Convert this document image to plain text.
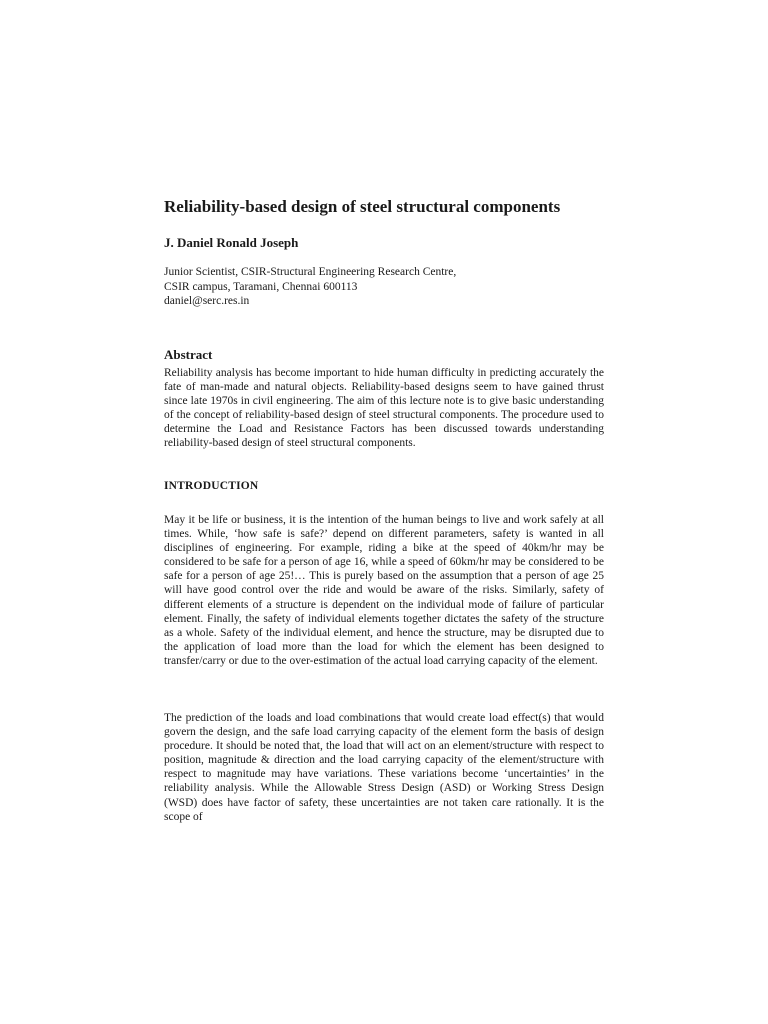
Reliability-based design of steel structural components

J. Daniel Ronald Joseph

Junior Scientist, CSIR-Structural Engineering Research Centre,
CSIR campus, Taramani, Chennai 600113
daniel@serc.res.in
Abstract

Reliability analysis has become important to hide human difficulty in predicting accurately the fate of man-made and natural objects. Reliability-based designs seem to have gained thrust since late 1970s in civil engineering. The aim of this lecture note is to give basic understanding of the concept of reliability-based design of steel structural components. The procedure used to determine the Load and Resistance Factors has been discussed towards understanding reliability-based design of steel structural components.

INTRODUCTION

May it be life or business, it is the intention of the human beings to live and work safely at all times. While, ‘how safe is safe?’ depend on different parameters, safety is wanted in all disciplines of engineering. For example, riding a bike at the speed of 40km/hr may be considered to be safe for a person of age 16, while a speed of 60km/hr may be considered to be safe for a person of age 25!… This is purely based on the assumption that a person of age 25 will have good control over the ride and would be aware of the risks. Similarly, safety of different elements of a structure is dependent on the individual mode of failure of particular element. Finally, the safety of individual elements together dictates the safety of the structure as a whole. Safety of the individual element, and hence the structure, may be disrupted due to the application of load more than the load for which the element has been designed to transfer/carry or due to the over-estimation of the actual load carrying capacity of the element.

The prediction of the loads and load combinations that would create load effect(s) that would govern the design, and the safe load carrying capacity of the element form the basis of design procedure. It should be noted that, the load that will act on an element/structure with respect to position, magnitude & direction and the load carrying capacity of the element/structure with respect to magnitude may have variations. These variations become ‘uncertainties’ in the reliability analysis. While the Allowable Stress Design (ASD) or Working Stress Design (WSD) does have factor of safety, these uncertainties are not taken care rationally. It is the scope of
